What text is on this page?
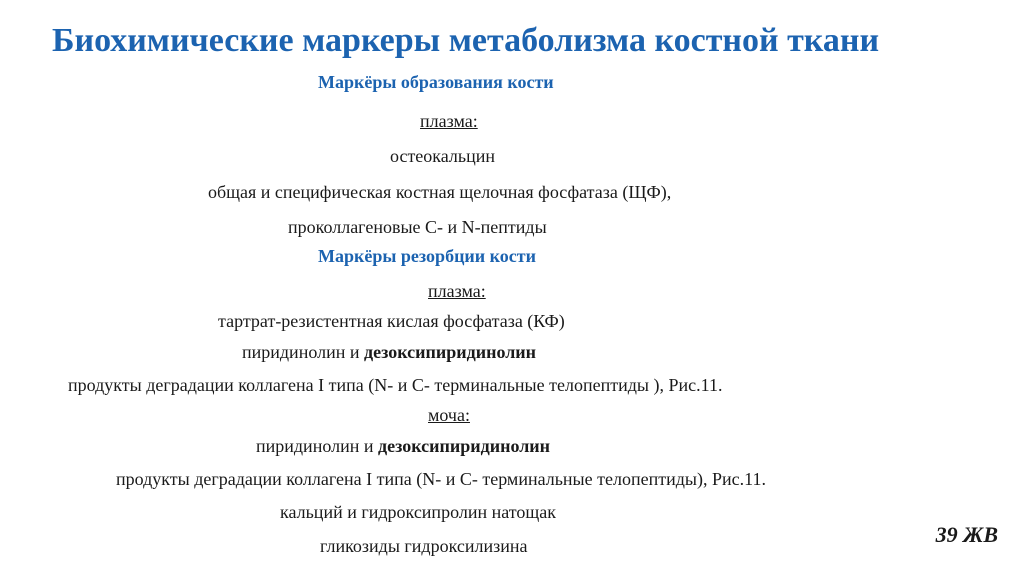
Биохимические маркеры метаболизма костной ткани
Маркёры образования кости
плазма:
остеокальцин
общая и специфическая костная щелочная фосфатаза (ЩФ),
проколлагеновые С- и N-пептиды
Маркёры резорбции кости
плазма:
тартрат-резистентная кислая фосфатаза (КФ)
пиридинолин и дезоксипиридинолин
продукты деградации коллагена I типа (N- и С- терминальные телопептиды ), Рис.11.
моча:
пиридинолин и дезоксипиридинолин
продукты деградации коллагена I типа (N- и С- терминальные телопептиды), Рис.11.
кальций и гидроксипролин натощак
гликозиды гидроксилизина	39 ЖВ
